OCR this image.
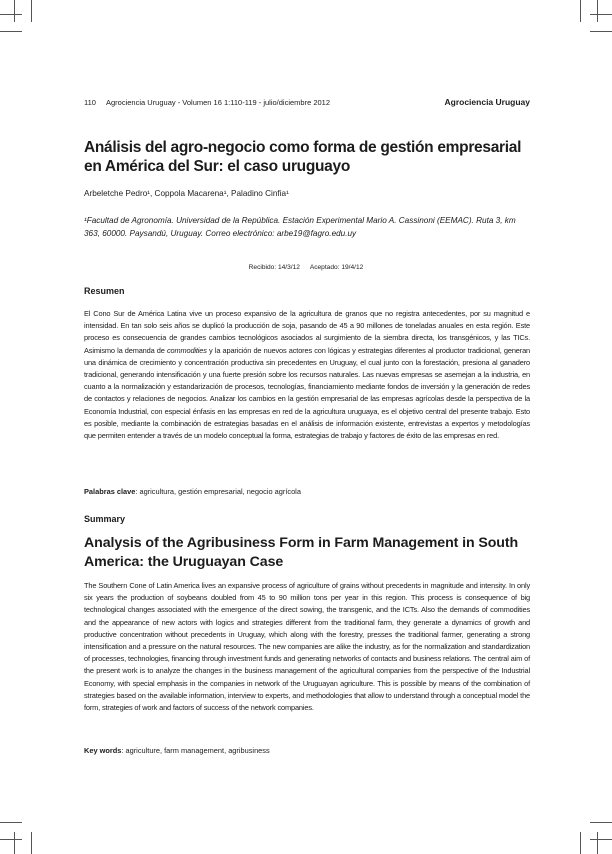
110 Agrociencia Uruguay - Volumen 16 1:110-119 - julio/diciembre 2012	Agrociencia Uruguay
Análisis del agro-negocio como forma de gestión empresarial en América del Sur: el caso uruguayo
Arbeletche Pedro¹, Coppola Macarena¹, Paladino Cinfia¹
¹Facultad de Agronomía. Universidad de la República. Estación Experimental Mario A. Cassinoni (EEMAC). Ruta 3, km 363, 60000. Paysandú, Uruguay. Correo electrónico: arbe19@fagro.edu.uy
Recibido: 14/3/12 Aceptado: 19/4/12
Resumen
El Cono Sur de América Latina vive un proceso expansivo de la agricultura de granos que no registra antecedentes, por su magnitud e intensidad. En tan solo seis años se duplicó la producción de soja, pasando de 45 a 90 millones de toneladas anuales en esta región. Este proceso es consecuencia de grandes cambios tecnológicos asociados al surgimiento de la siembra directa, los transgénicos, y las TICs. Asimismo la demanda de commodities y la aparición de nuevos actores con lógicas y estrategias diferentes al productor tradicional, generan una dinámica de crecimiento y concentración productiva sin precedentes en Uruguay, el cual junto con la forestación, presiona al ganadero tradicional, generando intensificación y una fuerte presión sobre los recursos naturales. Las nuevas empresas se asemejan a la industria, en cuanto a la normalización y estandarización de procesos, tecnologías, financiamiento mediante fondos de inversión y la generación de redes de contactos y relaciones de negocios. Analizar los cambios en la gestión empresarial de las empresas agrícolas desde la perspectiva de la Economía Industrial, con especial énfasis en las empresas en red de la agricultura uruguaya, es el objetivo central del presente trabajo. Esto es posible, mediante la combinación de estrategias basadas en el análisis de información existente, entrevistas a expertos y metodologías que permiten entender a través de un modelo conceptual la forma, estrategias de trabajo y factores de éxito de las empresas en red.
Palabras clave: agricultura, gestión empresarial, negocio agrícola
Summary
Analysis of the Agribusiness Form in Farm Management in South America: the Uruguayan Case
The Southern Cone of Latin America lives an expansive process of agriculture of grains without precedents in magnitude and intensity. In only six years the production of soybeans doubled from 45 to 90 million tons per year in this region. This process is consequence of big technological changes associated with the emergence of the direct sowing, the transgenic, and the ICTs. Also the demands of commodities and the appearance of new actors with logics and strategies different from the traditional farm, they generate a dynamics of growth and productive concentration without precedents in Uruguay, which along with the forestry, presses the traditional farmer, generating a strong intensification and a pressure on the natural resources. The new companies are alike the industry, as for the normalization and standardization of processes, technologies, financing through investment funds and generating networks of contacts and business relations. The central aim of the present work is to analyze the changes in the business management of the agricultural companies from the perspective of the Industrial Economy, with special emphasis in the companies in network of the Uruguayan agriculture. This is possible by means of the combination of strategies based on the available information, interview to experts, and methodologies that allow to understand through a conceptual model the form, strategies of work and factors of success of the network companies.
Key words: agriculture, farm management, agribusiness
